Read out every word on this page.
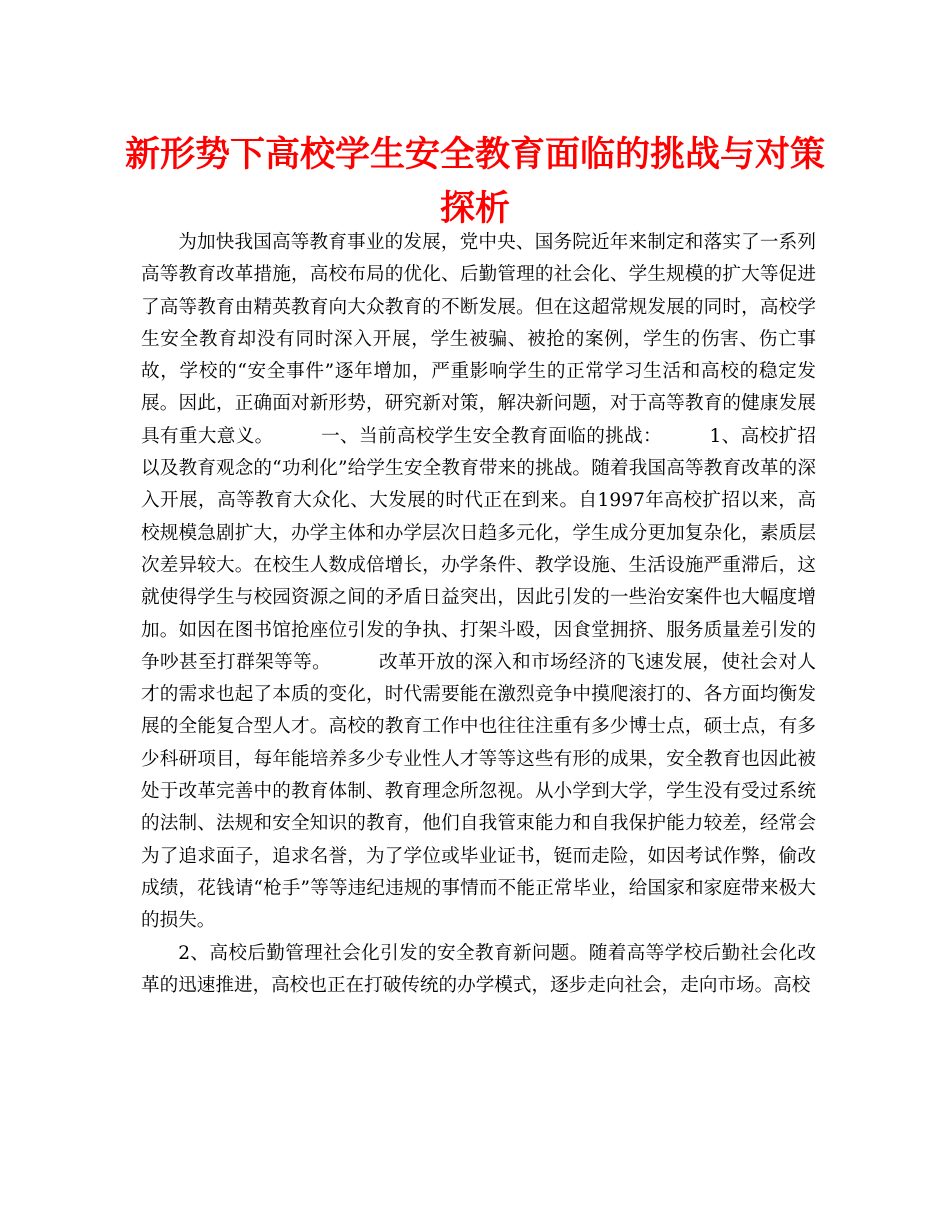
新形势下高校学生安全教育面临的挑战与对策探析

为加快我国高等教育事业的发展，党中央、国务院近年来制定和落实了一系列高等教育改革措施，高校布局的优化、后勤管理的社会化、学生规模的扩大等促进了高等教育由精英教育向大众教育的不断发展。但在这超常规发展的同时，高校学生安全教育却没有同时深入开展，学生被骗、被抢的案例，学生的伤害、伤亡事故，学校的“安全事件”逐年增加，严重影响学生的正常学习生活和高校的稳定发展。因此，正确面对新形势，研究新对策，解决新问题，对于高等教育的健康发展具有重大意义。　　　一、当前高校学生安全教育面临的挑战：　　　1、高校扩招以及教育观念的“功利化”给学生安全教育带来的挑战。随着我国高等教育改革的深入开展，高等教育大众化、大发展的时代正在到来。自1997年高校扩招以来，高校规模急剧扩大，办学主体和办学层次日趋多元化，学生成分更加复杂化，素质层次差异较大。在校生人数成倍增长，办学条件、教学设施、生活设施严重滞后，这就使得学生与校园资源之间的矛盾日益突出，因此引发的一些治安案件也大幅度增加。如因在图书馆抢座位引发的争执、打架斗殴，因食堂拥挤、服务质量差引发的争吵甚至打群架等等。　　　改革开放的深入和市场经济的飞速发展，使社会对人才的需求也起了本质的变化，时代需要能在激烈竞争中摸爬滚打的、各方面均衡发展的全能复合型人才。高校的教育工作中也往往注重有多少博士点，硕士点，有多少科研项目，每年能培养多少专业性人才等等这些有形的成果，安全教育也因此被处于改革完善中的教育体制、教育理念所忽视。从小学到大学，学生没有受过系统的法制、法规和安全知识的教育，他们自我管束能力和自我保护能力较差，经常会为了追求面子，追求名誉，为了学位或毕业证书，铤而走险，如因考试作弊，偷改成绩，花钱请“枪手”等等违纪违规的事情而不能正常毕业，给国家和家庭带来极大的损失。

2、高校后勤管理社会化引发的安全教育新问题。随着高等学校后勤社会化改革的迅速推进，高校也正在打破传统的办学模式，逐步走向社会，走向市场。高校
